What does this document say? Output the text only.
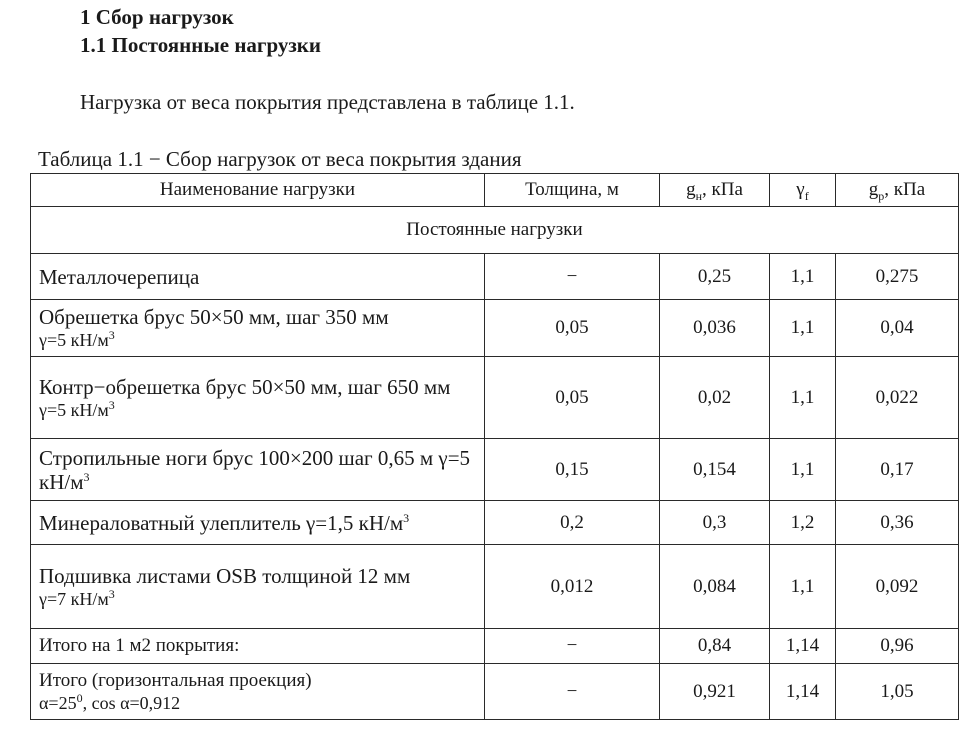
1 Сбор нагрузок
1.1 Постоянные нагрузки
Нагрузка от веса покрытия представлена в таблице 1.1.
Таблица 1.1 − Сбор нагрузок от веса покрытия здания
Наименование нагрузки	Толщина, м	$g_н$, кПа	$\gamma_f$	$g_р$, кПа
Постоянные нагрузки				
Металлочерепица	−	0,25	1,1	0,275

Обрешетка брус 50×50 мм, шаг 350 мм
γ=5 $кН/м^3$	0,05	0,036	1,1	0,04

Контр−обрешетка брус 50×50 мм, шаг 650 мм
γ=5 $кН/м^3$	0,05	0,02	1,1	0,022
Стропильные ноги брус 100×200 шаг 0,65 м γ=5 $кН/м^3$	0,15	0,154	1,1	0,17
Минераловатный улеплитель γ=1,5 $кН/м^3$	0,2	0,3	1,2	0,36

Подшивка листами OSB толщиной 12 мм
γ=7 $кН/м^3$	0,012	0,084	1,1	0,092
Итого на 1 м2 покрытия:	−	0,84	1,14	0,96

Итого (горизонтальная проекция)
$\alpha=25^0$, cos α=0,912	−	0,921	1,14	1,05
